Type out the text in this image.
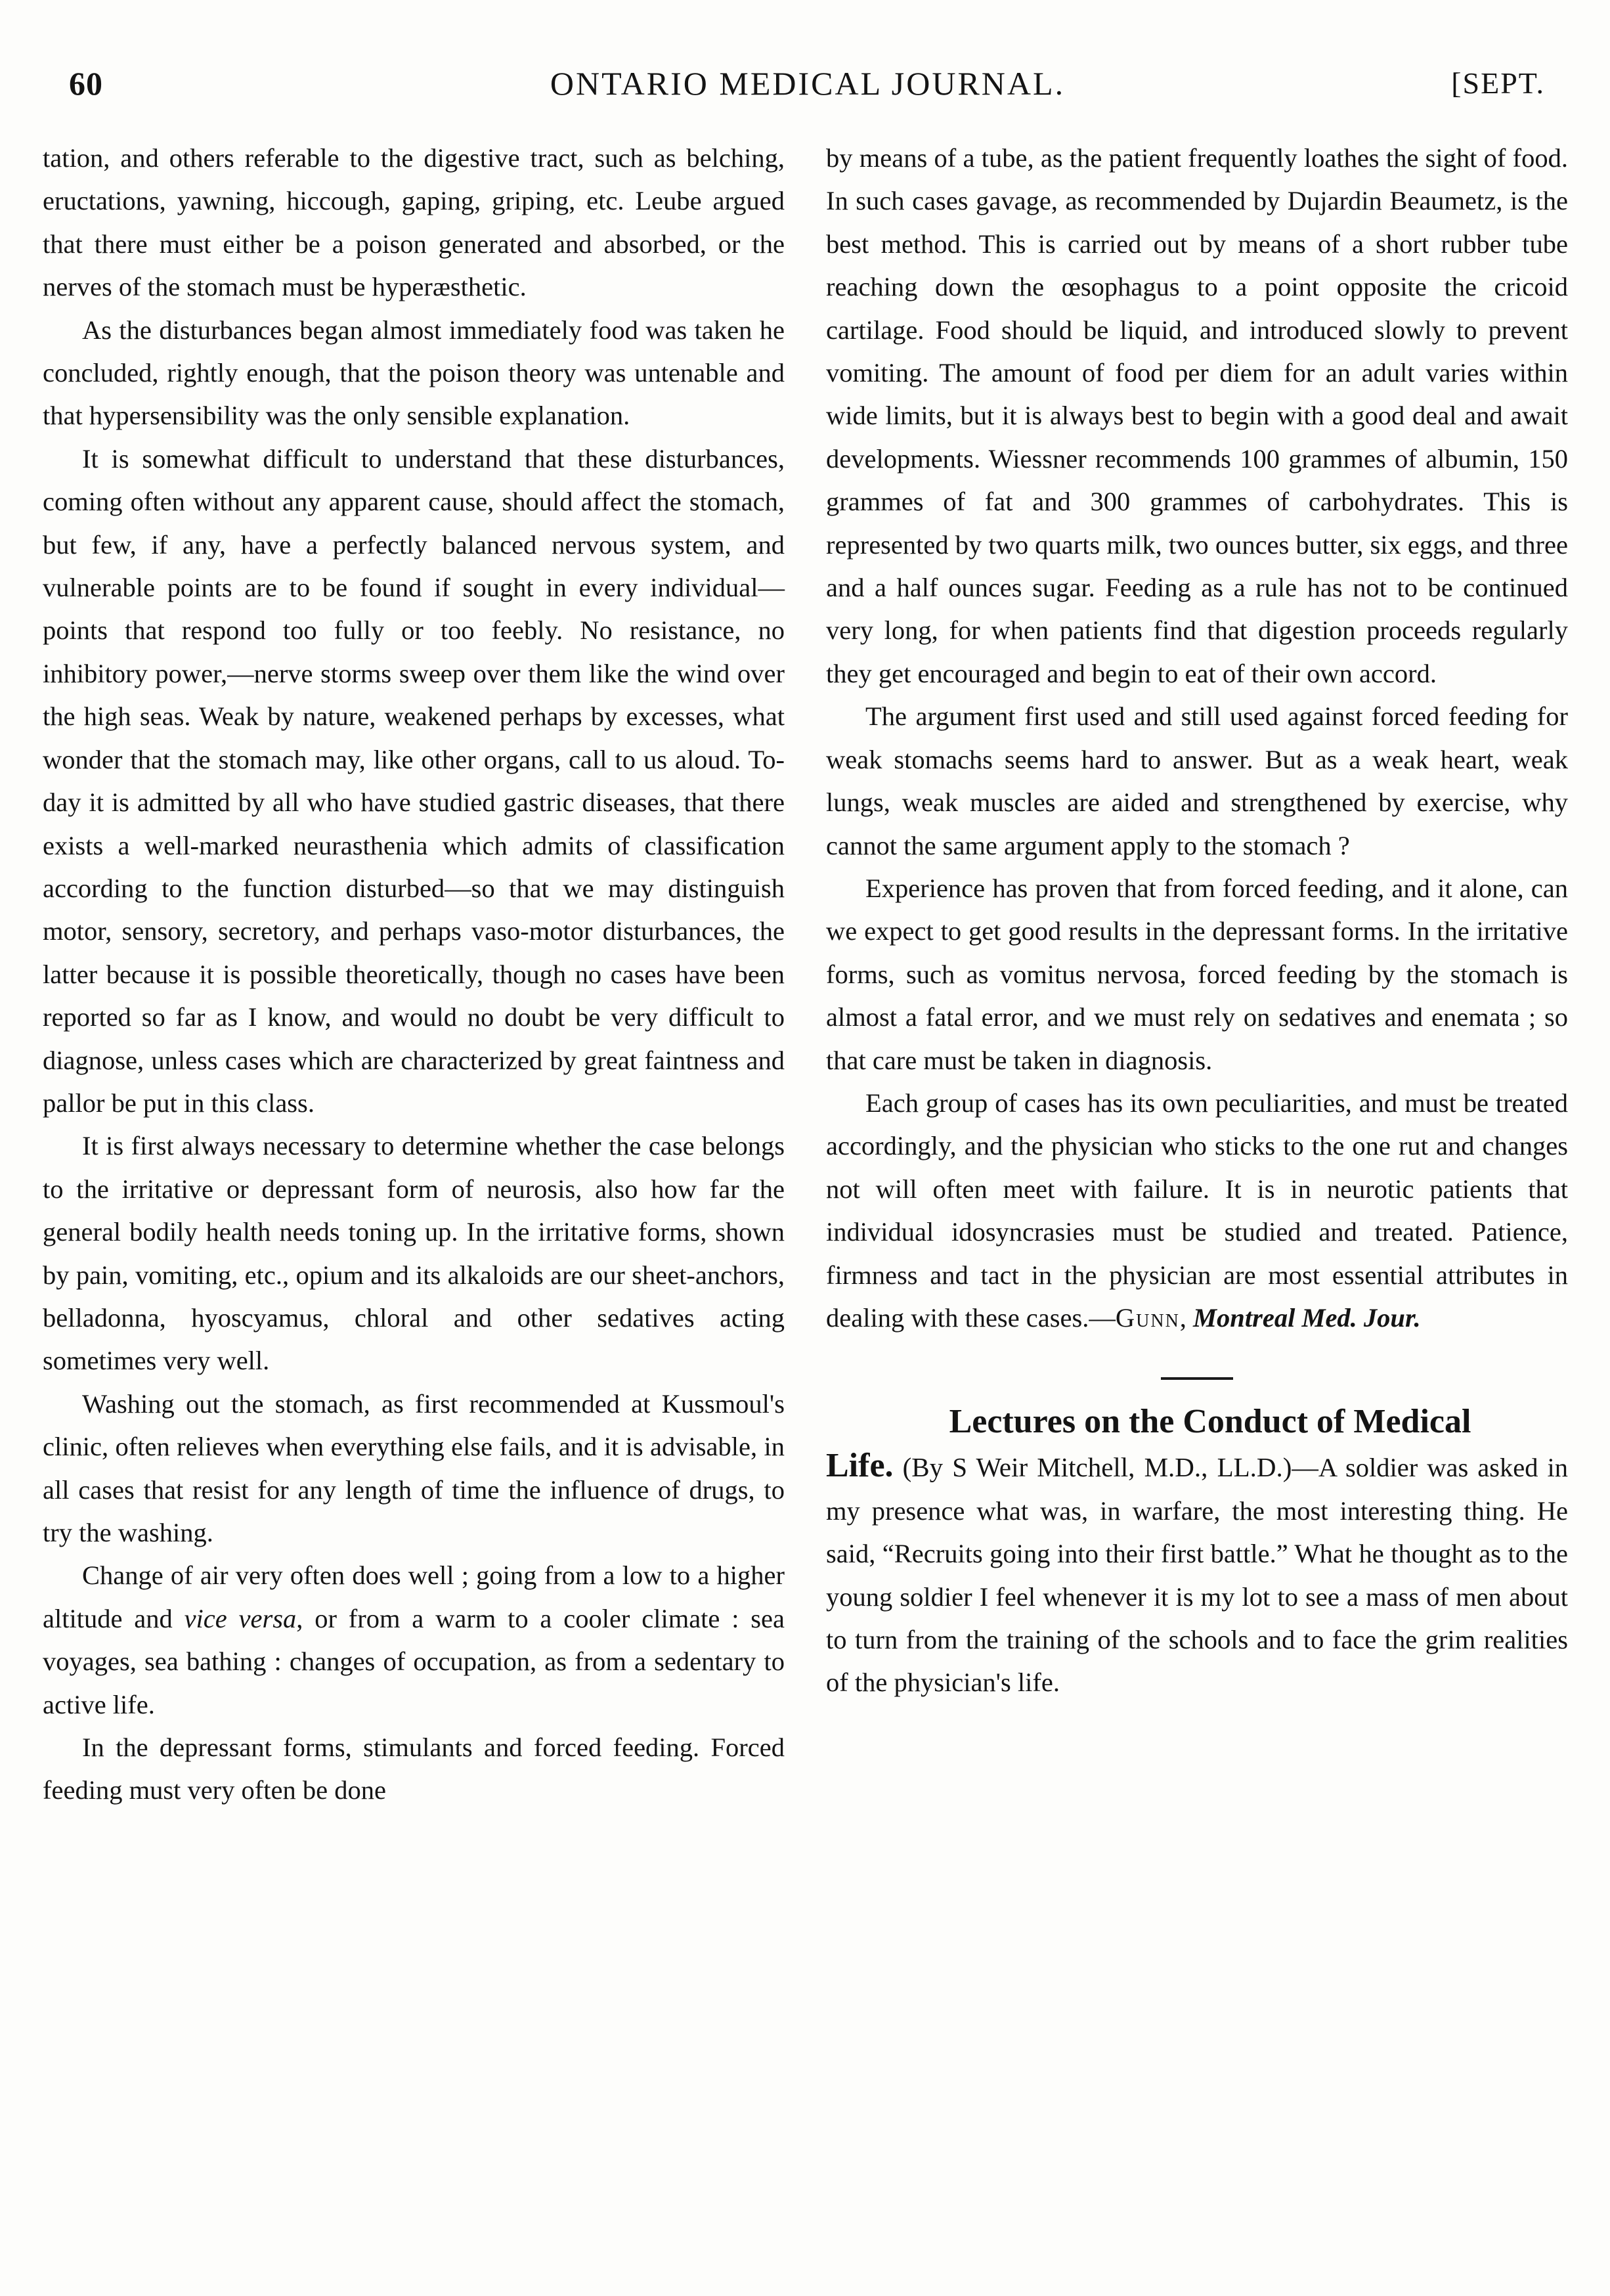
60	ONTARIO MEDICAL JOURNAL.	[SEPT.

tation, and others referable to the digestive tract, such as belching, eructations, yawning, hiccough, gaping, griping, etc. Leube argued that there must either be a poison generated and absorbed, or the nerves of the stomach must be hyperæsthetic.

As the disturbances began almost immediately food was taken he concluded, rightly enough, that the poison theory was untenable and that hypersensibility was the only sensible explanation.

It is somewhat difficult to understand that these disturbances, coming often without any apparent cause, should affect the stomach, but few, if any, have a perfectly balanced nervous system, and vulnerable points are to be found if sought in every individual—points that respond too fully or too feebly. No resistance, no inhibitory power,—nerve storms sweep over them like the wind over the high seas. Weak by nature, weakened perhaps by excesses, what wonder that the stomach may, like other organs, call to us aloud. To-day it is admitted by all who have studied gastric diseases, that there exists a well-marked neurasthenia which admits of classification according to the function disturbed—so that we may distinguish motor, sensory, secretory, and perhaps vaso-motor disturbances, the latter because it is possible theoretically, though no cases have been reported so far as I know, and would no doubt be very difficult to diagnose, unless cases which are characterized by great faintness and pallor be put in this class.

It is first always necessary to determine whether the case belongs to the irritative or depressant form of neurosis, also how far the general bodily health needs toning up. In the irritative forms, shown by pain, vomiting, etc., opium and its alkaloids are our sheet-anchors, belladonna, hyoscyamus, chloral and other sedatives acting sometimes very well.

Washing out the stomach, as first recommended at Kussmoul's clinic, often relieves when everything else fails, and it is advisable, in all cases that resist for any length of time the influence of drugs, to try the washing.

Change of air very often does well ; going from a low to a higher altitude and vice versa, or from a warm to a cooler climate : sea voyages, sea bathing : changes of occupation, as from a sedentary to active life.

In the depressant forms, stimulants and forced feeding. Forced feeding must very often be done

by means of a tube, as the patient frequently loathes the sight of food. In such cases gavage, as recommended by Dujardin Beaumetz, is the best method. This is carried out by means of a short rubber tube reaching down the œsophagus to a point opposite the cricoid cartilage. Food should be liquid, and introduced slowly to prevent vomiting. The amount of food per diem for an adult varies within wide limits, but it is always best to begin with a good deal and await developments. Wiessner recommends 100 grammes of albumin, 150 grammes of fat and 300 grammes of carbohydrates. This is represented by two quarts milk, two ounces butter, six eggs, and three and a half ounces sugar. Feeding as a rule has not to be continued very long, for when patients find that digestion proceeds regularly they get encouraged and begin to eat of their own accord.

The argument first used and still used against forced feeding for weak stomachs seems hard to answer. But as a weak heart, weak lungs, weak muscles are aided and strengthened by exercise, why cannot the same argument apply to the stomach ?

Experience has proven that from forced feeding, and it alone, can we expect to get good results in the depressant forms. In the irritative forms, such as vomitus nervosa, forced feeding by the stomach is almost a fatal error, and we must rely on sedatives and enemata ; so that care must be taken in diagnosis.

Each group of cases has its own peculiarities, and must be treated accordingly, and the physician who sticks to the one rut and changes not will often meet with failure. It is in neurotic patients that individual idosyncrasies must be studied and treated. Patience, firmness and tact in the physician are most essential attributes in dealing with these cases.—Gunn, Montreal Med. Jour.

Lectures on the Conduct of Medical

Life. (By S Weir Mitchell, M.D., LL.D.)—A soldier was asked in my presence what was, in warfare, the most interesting thing. He said, “Recruits going into their first battle.” What he thought as to the young soldier I feel whenever it is my lot to see a mass of men about to turn from the training of the schools and to face the grim realities of the physician's life.
